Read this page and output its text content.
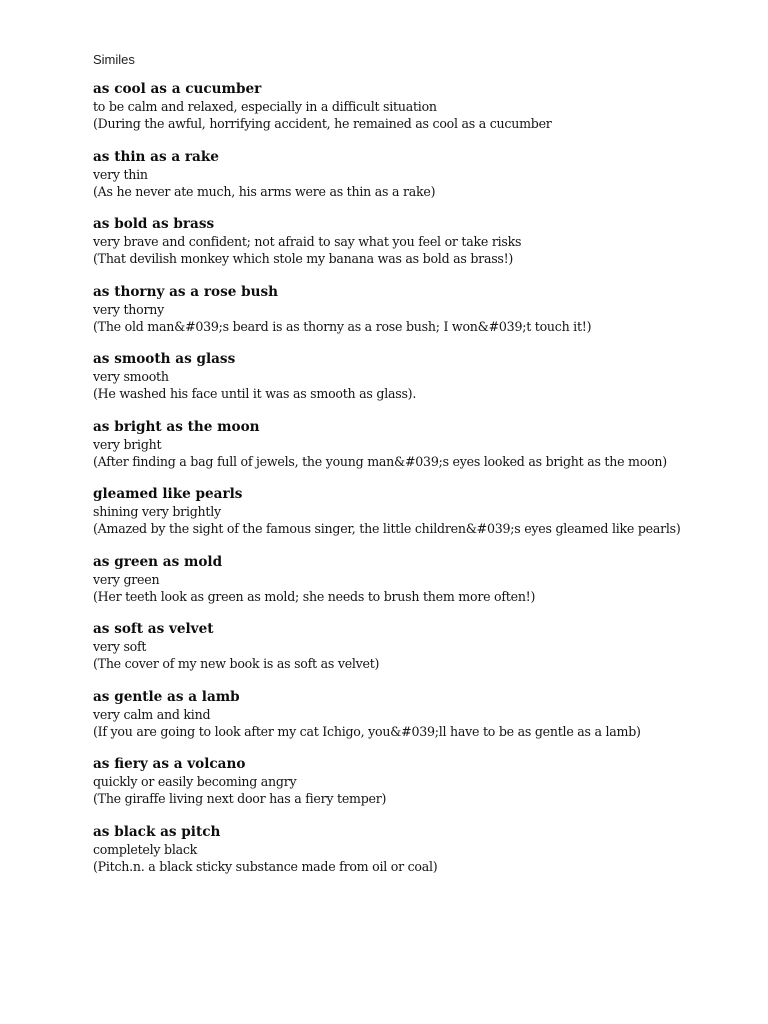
Similes

as cool as a cucumber

to be calm and relaxed, especially in a difficult situation

(During the awful, horrifying accident, he remained as cool as a cucumber

as thin as a rake

very thin

(As he never ate much, his arms were as thin as a rake)

as bold as brass

very brave and confident; not afraid to say what you feel or take risks

(That devilish monkey which stole my banana was as bold as brass!)

as thorny as a rose bush

very thorny

(The old man&#039;s beard is as thorny as a rose bush; I won&#039;t touch it!)

as smooth as glass

very smooth

(He washed his face until it was as smooth as glass).

as bright as the moon

very bright

(After finding a bag full of jewels, the young man&#039;s eyes looked as bright as the moon)

gleamed like pearls

shining very brightly

(Amazed by the sight of the famous singer, the little children&#039;s eyes gleamed like pearls)

as green as mold

very green

(Her teeth look as green as mold; she needs to brush them more often!)

as soft as velvet

very soft

(The cover of my new book is as soft as velvet)

as gentle as a lamb

very calm and kind

(If you are going to look after my cat Ichigo, you&#039;ll have to be as gentle as a lamb)

as fiery as a volcano

quickly or easily becoming angry

(The giraffe living next door has a fiery temper)

as black as pitch

completely black

(Pitch.n. a black sticky substance made from oil or coal)
